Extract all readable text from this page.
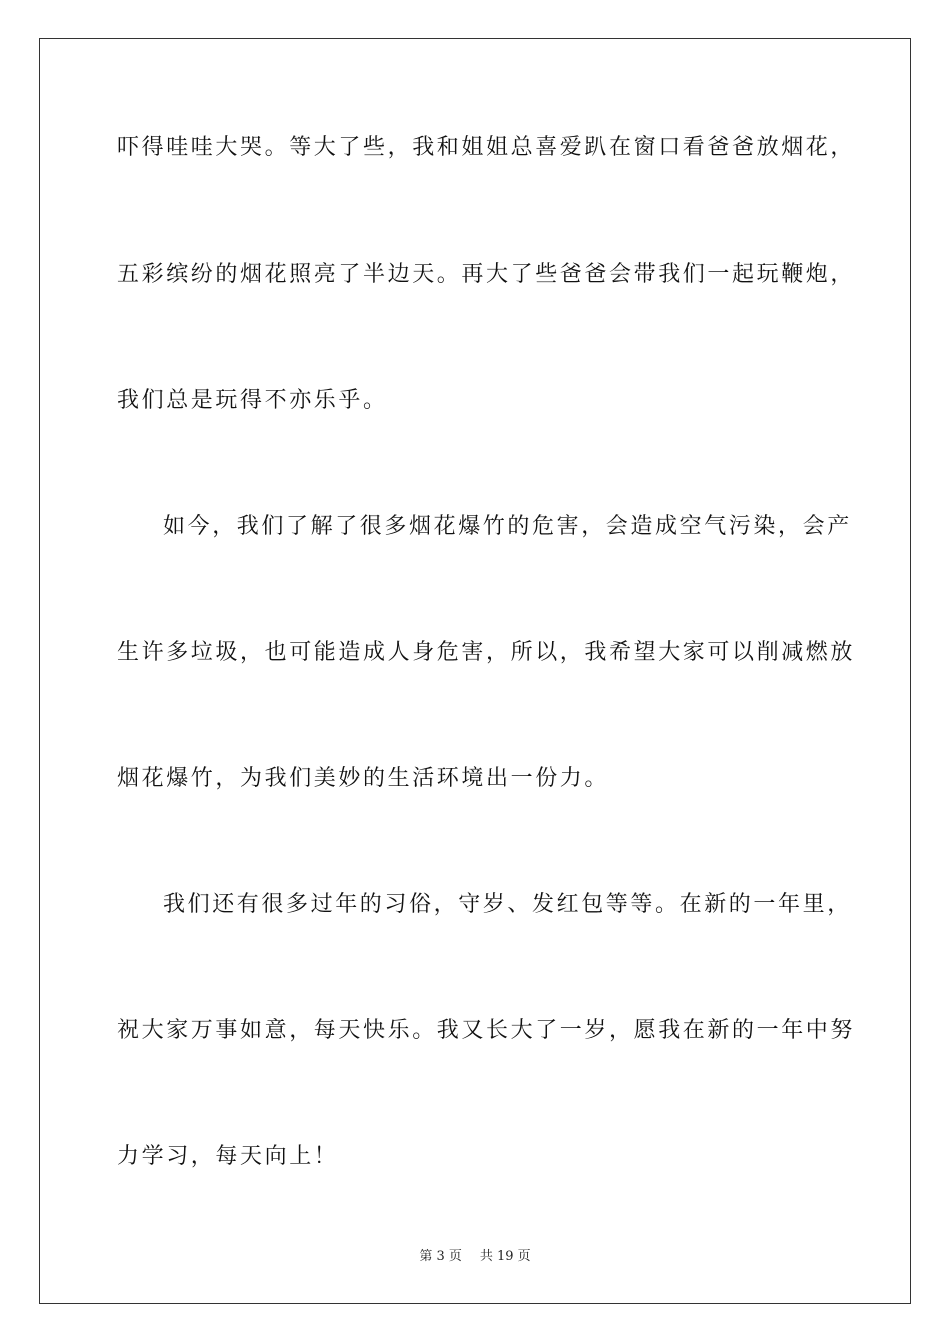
吓得哇哇大哭。等大了些，我和姐姐总喜爱趴在窗口看爸爸放烟花，
五彩缤纷的烟花照亮了半边天。再大了些爸爸会带我们一起玩鞭炮，
我们总是玩得不亦乐乎。
如今，我们了解了很多烟花爆竹的危害，会造成空气污染，会产
生许多垃圾，也可能造成人身危害，所以，我希望大家可以削减燃放
烟花爆竹，为我们美妙的生活环境出一份力。
我们还有很多过年的习俗，守岁、发红包等等。在新的一年里，
祝大家万事如意，每天快乐。我又长大了一岁，愿我在新的一年中努
力学习，每天向上！
第 3 页 共 19 页
